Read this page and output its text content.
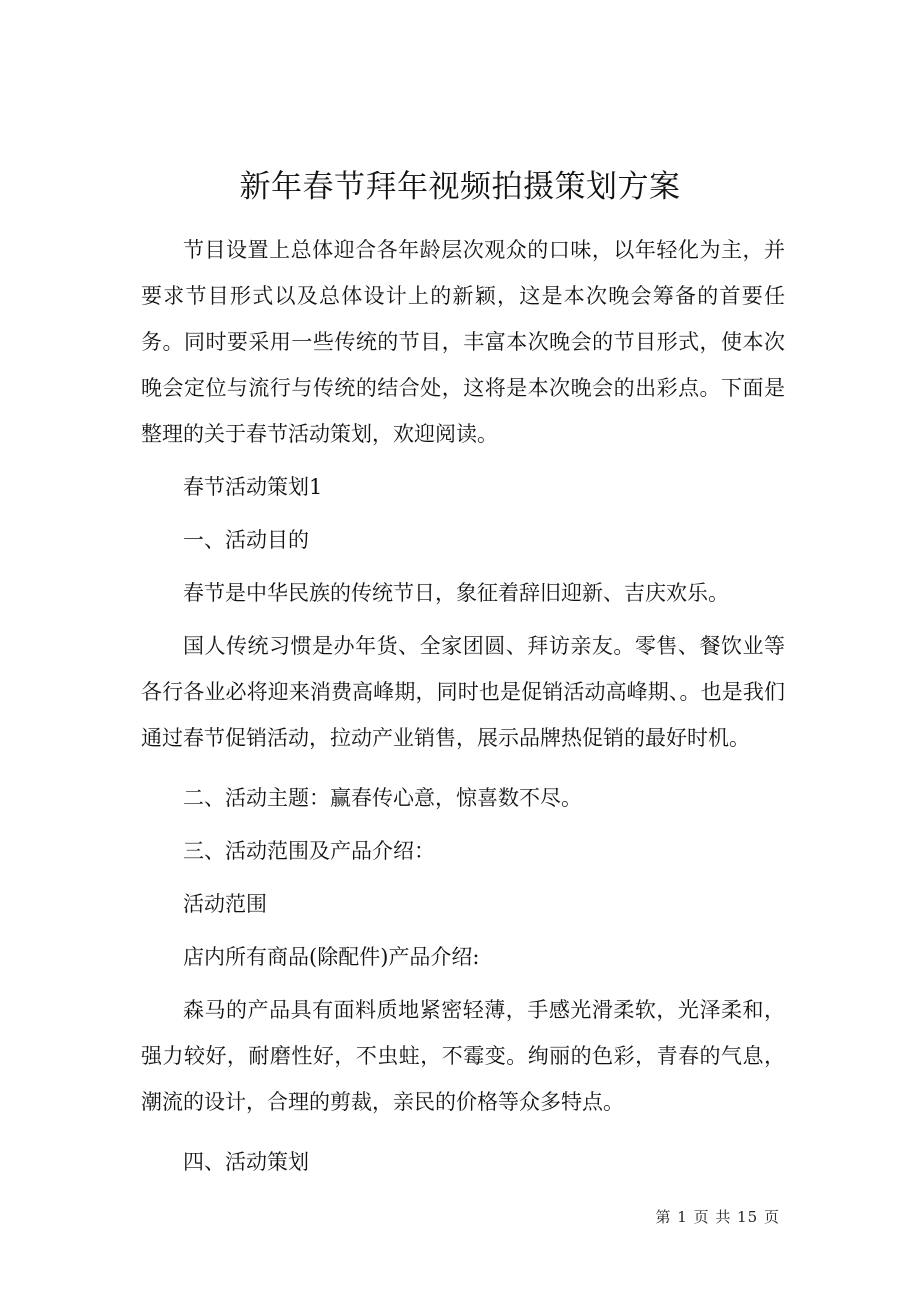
新年春节拜年视频拍摄策划方案

节目设置上总体迎合各年龄层次观众的口味，以年轻化为主，并要求节目形式以及总体设计上的新颖，这是本次晚会筹备的首要任务。同时要采用一些传统的节目，丰富本次晚会的节目形式，使本次晚会定位与流行与传统的结合处，这将是本次晚会的出彩点。下面是整理的关于春节活动策划，欢迎阅读。

春节活动策划1

一、活动目的

春节是中华民族的传统节日，象征着辞旧迎新、吉庆欢乐。

国人传统习惯是办年货、全家团圆、拜访亲友。零售、餐饮业等各行各业必将迎来消费高峰期，同时也是促销活动高峰期、。也是我们通过春节促销活动，拉动产业销售，展示品牌热促销的最好时机。

二、活动主题：赢春传心意，惊喜数不尽。

三、活动范围及产品介绍：

活动范围

店内所有商品(除配件)产品介绍:

森马的产品具有面料质地紧密轻薄，手感光滑柔软，光泽柔和，强力较好，耐磨性好，不虫蛀，不霉变。绚丽的色彩，青春的气息，潮流的设计，合理的剪裁，亲民的价格等众多特点。

四、活动策划

第 1 页 共 15 页
